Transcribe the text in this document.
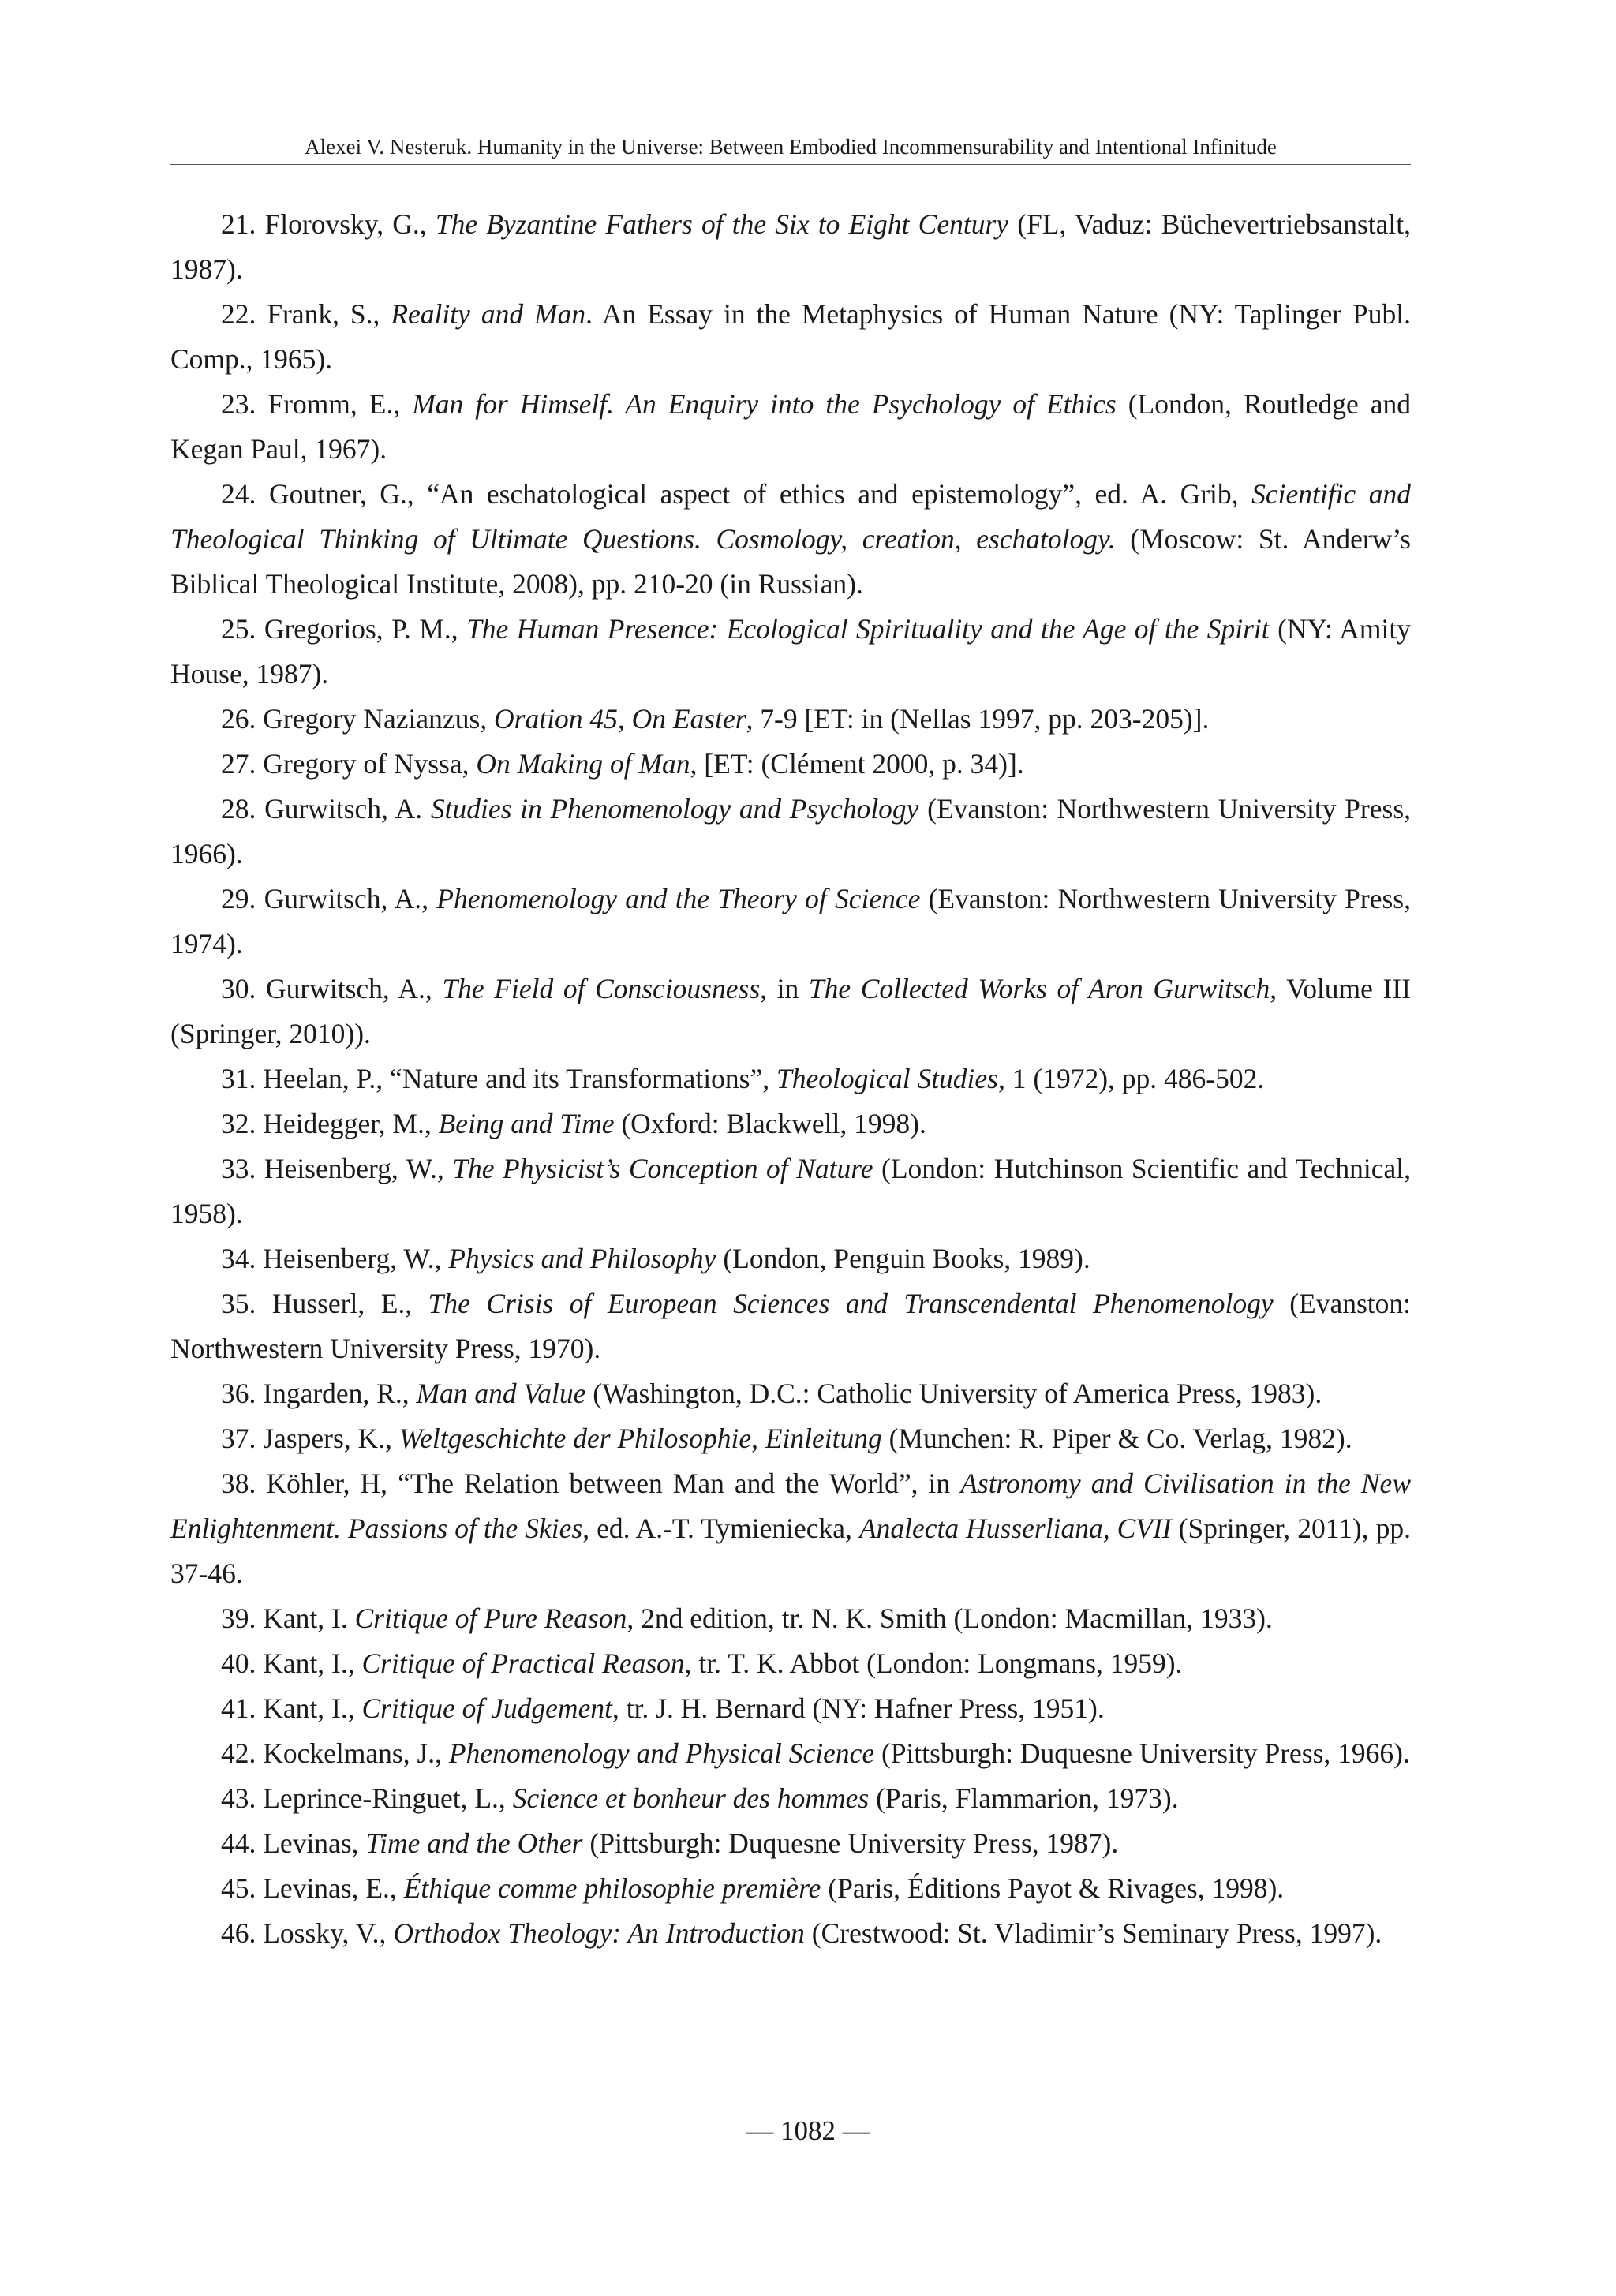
Alexei V. Nesteruk. Humanity in the Universe: Between Embodied Incommensurability and Intentional Infinitude

21. Florovsky, G., The Byzantine Fathers of the Six to Eight Century (FL, Vaduz: Büchevertriebsanstalt, 1987).

22. Frank, S., Reality and Man. An Essay in the Metaphysics of Human Nature (NY: Taplinger Publ. Comp., 1965).

23. Fromm, E., Man for Himself. An Enquiry into the Psychology of Ethics (London, Routledge and Kegan Paul, 1967).

24. Goutner, G., “An eschatological aspect of ethics and epistemology”, ed. A. Grib, Scientific and Theological Thinking of Ultimate Questions. Cosmology, creation, eschatology. (Moscow: St. Anderw’s Biblical Theological Institute, 2008), pp. 210-20 (in Russian).

25. Gregorios, P. M., The Human Presence: Ecological Spirituality and the Age of the Spirit (NY: Amity House, 1987).

26. Gregory Nazianzus, Oration 45, On Easter, 7-9 [ET: in (Nellas 1997, pp. 203-205)].

27. Gregory of Nyssa, On Making of Man, [ET: (Clément 2000, p. 34)].

28. Gurwitsch, A. Studies in Phenomenology and Psychology (Evanston: Northwestern University Press, 1966).

29. Gurwitsch, A., Phenomenology and the Theory of Science (Evanston: Northwestern University Press, 1974).

30. Gurwitsch, A., The Field of Consciousness, in The Collected Works of Aron Gurwitsch, Volume III (Springer, 2010)).

31. Heelan, P., “Nature and its Transformations”, Theological Studies, 1 (1972), pp. 486-502.

32. Heidegger, M., Being and Time (Oxford: Blackwell, 1998).

33. Heisenberg, W., The Physicist’s Conception of Nature (London: Hutchinson Scientific and Technical, 1958).

34. Heisenberg, W., Physics and Philosophy (London, Penguin Books, 1989).

35. Husserl, E., The Crisis of European Sciences and Transcendental Phenomenology (Evanston: Northwestern University Press, 1970).

36. Ingarden, R., Man and Value (Washington, D.C.: Catholic University of America Press, 1983).

37. Jaspers, K., Weltgeschichte der Philosophie, Einleitung (Munchen: R. Piper & Co. Verlag, 1982).

38. Köhler, H, “The Relation between Man and the World”, in Astronomy and Civilisation in the New Enlightenment. Passions of the Skies, ed. A.-T. Tymieniecka, Analecta Husserliana, CVII (Springer, 2011), pp. 37-46.

39. Kant, I. Critique of Pure Reason, 2nd edition, tr. N. K. Smith (London: Macmillan, 1933).

40. Kant, I., Critique of Practical Reason, tr. T. K. Abbot (London: Longmans, 1959).

41. Kant, I., Critique of Judgement, tr. J. H. Bernard (NY: Hafner Press, 1951).

42. Kockelmans, J., Phenomenology and Physical Science (Pittsburgh: Duquesne University Press, 1966).

43. Leprince-Ringuet, L., Science et bonheur des hommes (Paris, Flammarion, 1973).

44. Levinas, Time and the Other (Pittsburgh: Duquesne University Press, 1987).

45. Levinas, E., Éthique comme philosophie première (Paris, Éditions Payot & Rivages, 1998).

46. Lossky, V., Orthodox Theology: An Introduction (Crestwood: St. Vladimir’s Seminary Press, 1997).

— 1082 —
